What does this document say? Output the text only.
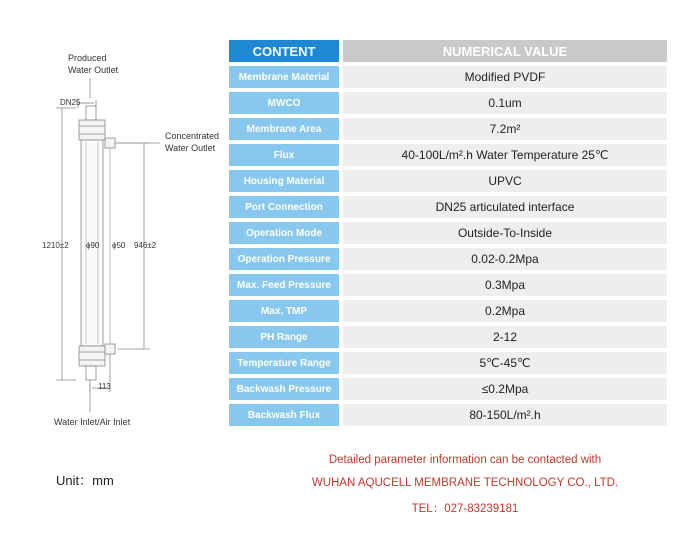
Produced
Water Outlet
Concentrated
Water Outlet
Water Inlet/Air Inlet
DN25
1210±2 ϕ90 ϕ50 946±2
113
CONTENT	NUMERICAL VALUE
Membrane Material	Modified PVDF
MWCO	0.1um
Membrane Area	7.2m²
Flux	40-100L/m².h Water Temperature 25℃
Housing Material	UPVC
Port Connection	DN25 articulated interface
Operation Mode	Outside-To-Inside
Operation Pressure	0.02-0.2Mpa
Max. Feed Pressure	0.3Mpa
Max. TMP	0.2Mpa
PH Range	2-12
Temperature Range	5℃-45℃
Backwash Pressure	≤0.2Mpa
Backwash Flux	80-150L/m².h
Unit：mm
Detailed parameter information can be contacted with
WUHAN AQUCELL MEMBRANE TECHNOLOGY CO., LTD.
TEL：027-83239181
